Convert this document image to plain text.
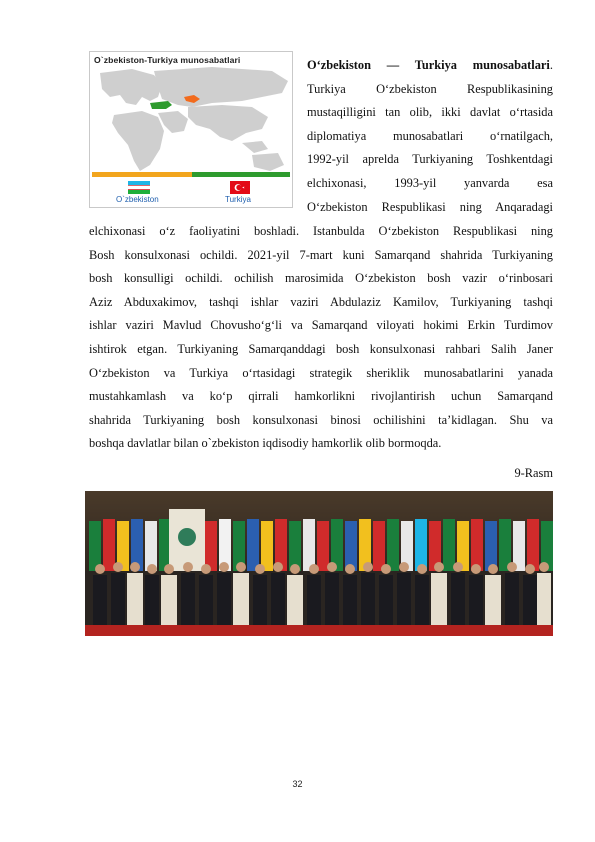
O`zbekiston-Turkiya munosabatlari
O`zbekiston	Turkiya
O‘zbekiston — Turkiya munosabatlari.
Turkiya O‘zbekiston Respublikasining
mustaqilligini tan olib, ikki davlat o‘rtasida
diplomatiya munosabatlari o‘rnatilgach,
1992-yil aprelda Turkiyaning Toshkentdagi
elchixonasi, 1993-yil yanvarda esa
O‘zbekiston Respublikasi ning Anqaradagi
elchixonasi o‘z faoliyatini boshladi. Istanbulda O‘zbekiston Respublikasi ning
Bosh konsulxonasi ochildi. 2021-yil 7-mart kuni Samarqand shahrida Turkiyaning
bosh konsulligi ochildi. ochilish marosimida O‘zbekiston bosh vazir o‘rinbosari
Aziz Abduxakimov, tashqi ishlar vaziri Abdulaziz Kamilov, Turkiyaning tashqi
ishlar vaziri Mavlud Chovusho‘g‘li va Samarqand viloyati hokimi Erkin Turdimov
ishtirok etgan. Turkiyaning Samarqanddagi bosh konsulxonasi rahbari Salih Janer
O‘zbekiston va Turkiya o‘rtasidagi strategik sheriklik munosabatlarini yanada
mustahkamlash va ko‘p qirrali hamkorlikni rivojlantirish uchun Samarqand
shahrida Turkiyaning bosh konsulxonasi binosi ochilishini ta’kidlagan. Shu va
boshqa davlatlar bilan o`zbekiston iqdisodiy hamkorlik olib bormoqda.
9-Rasm
32
